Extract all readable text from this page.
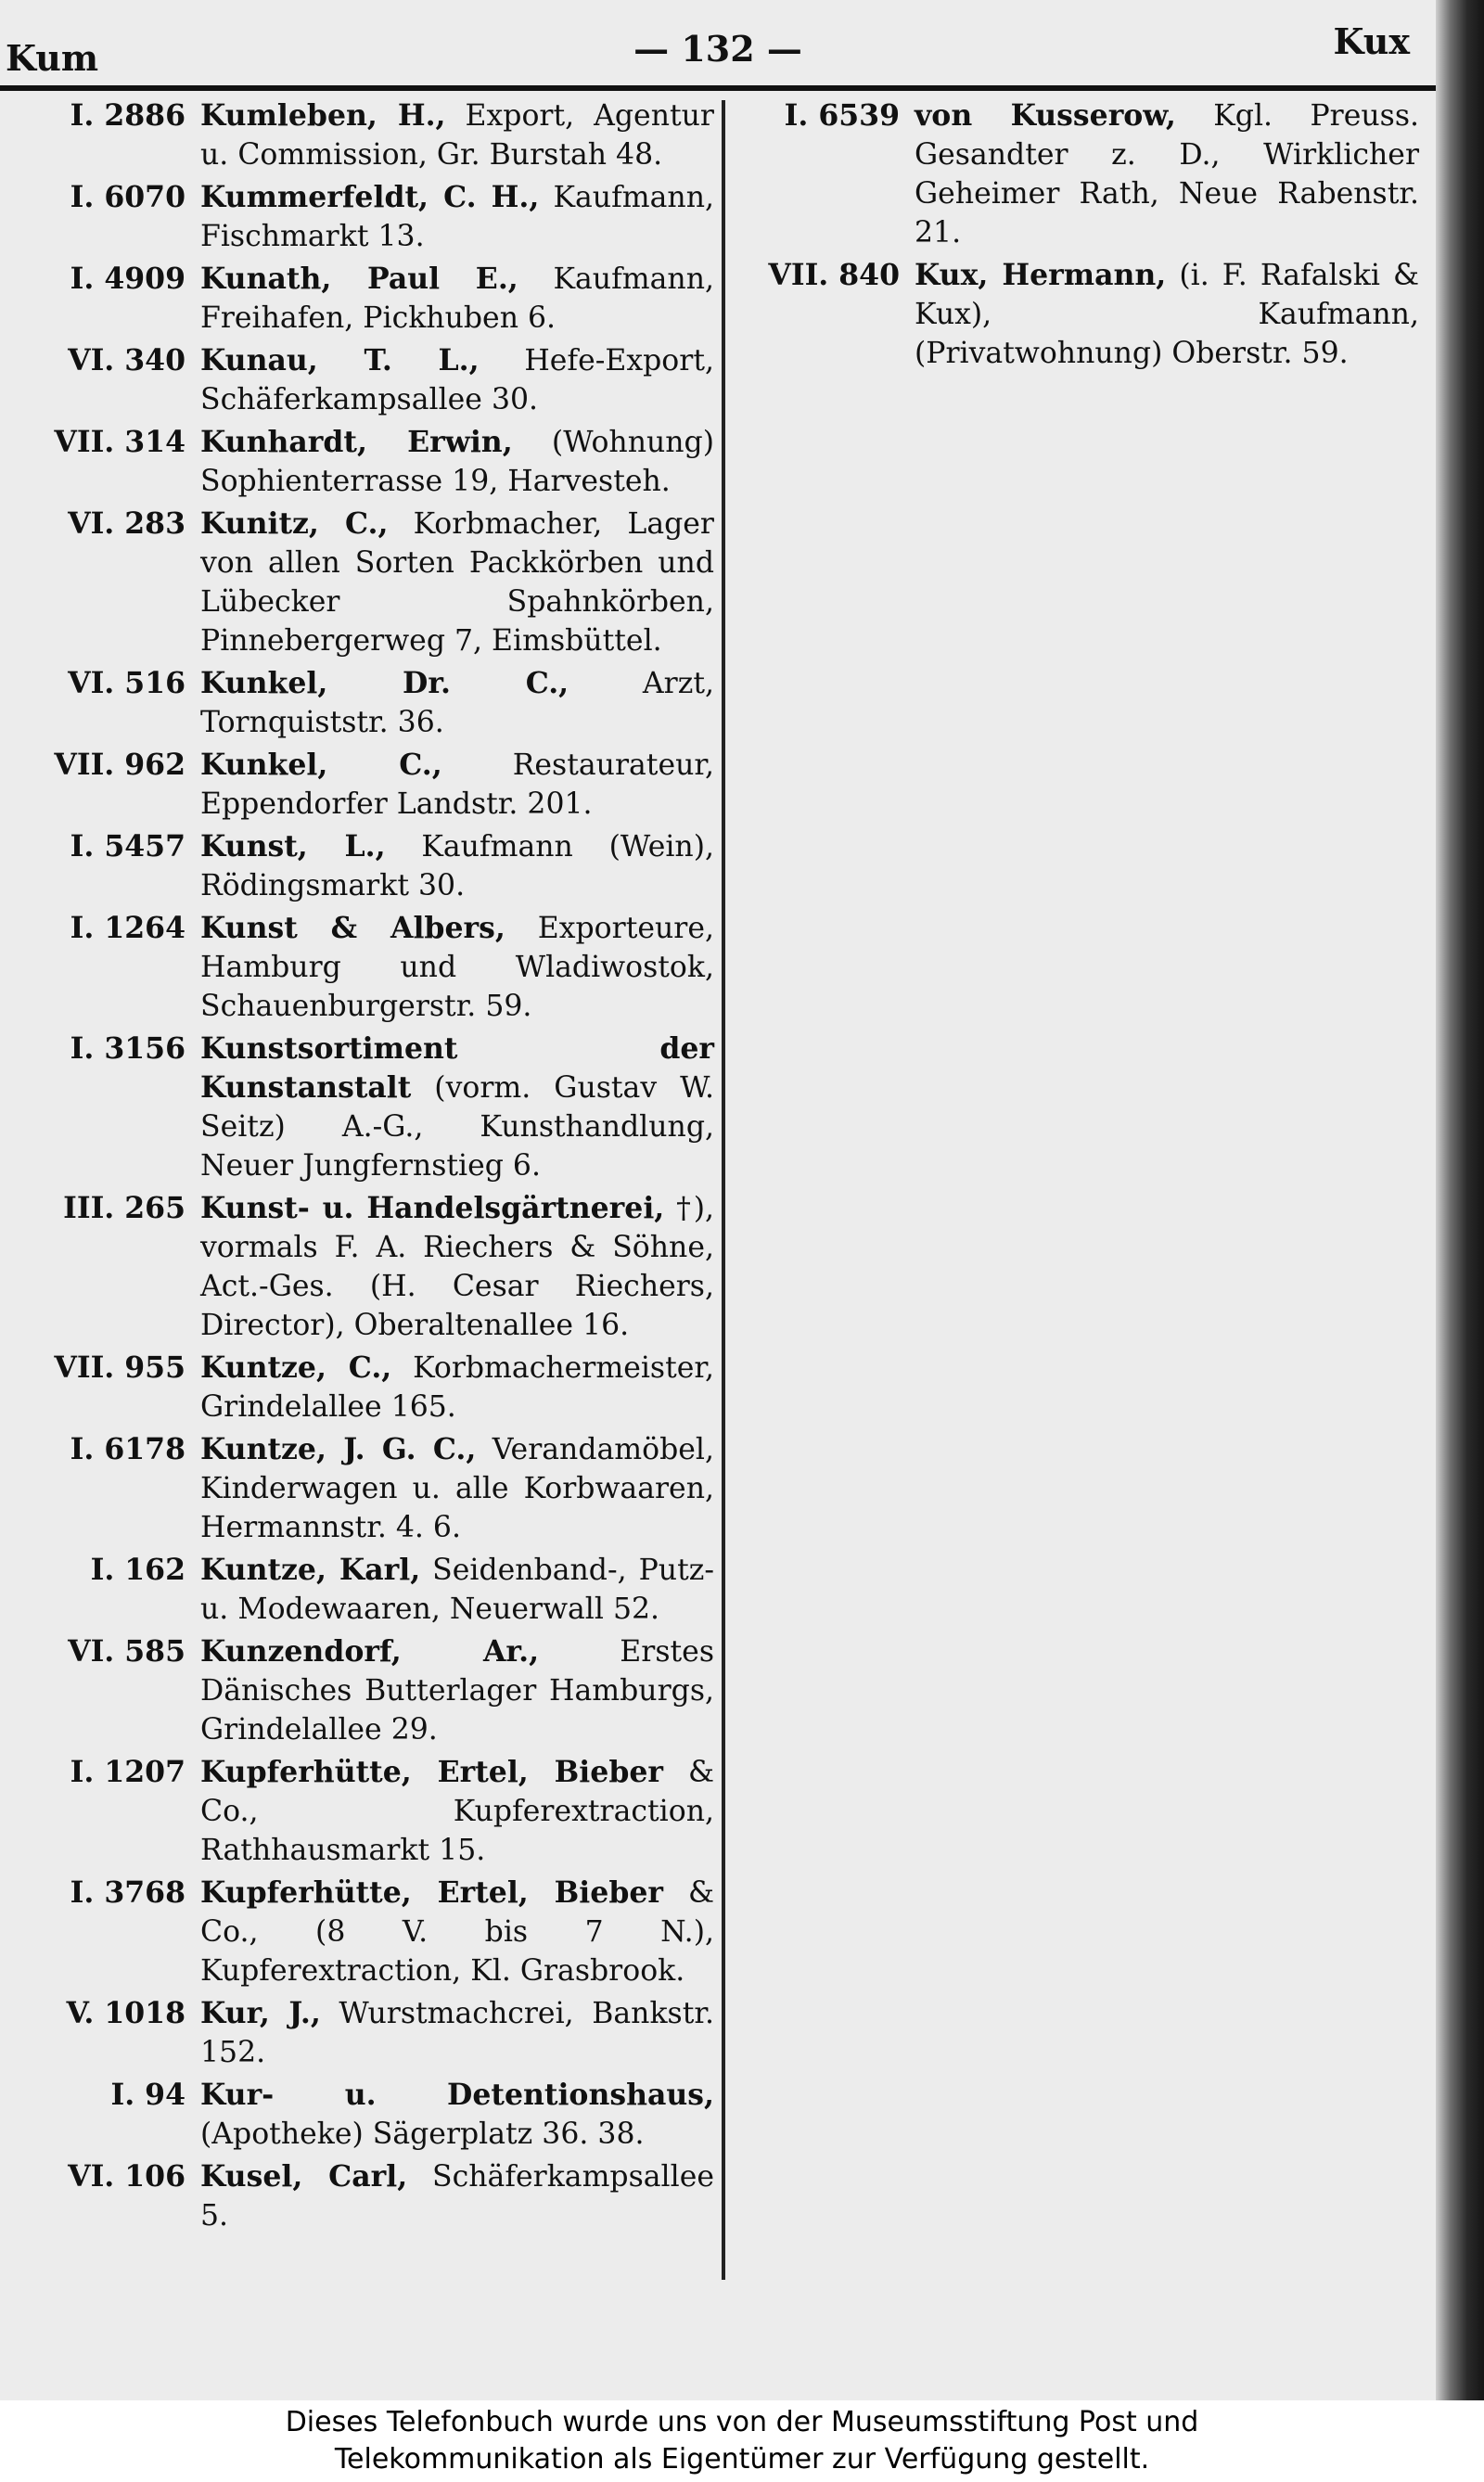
Kum	— 132 —	Kux
I. 2886 Kumleben, H., Export, Agentur u. Commission, Gr. Burstah 48.
I. 6070 Kummerfeldt, C. H., Kaufmann, Fischmarkt 13.
I. 4909 Kunath, Paul E., Kaufmann, Freihafen, Pickhuben 6.
VI. 340 Kunau, T. L., Hefe-Export, Schäferkampsallee 30.
VII. 314 Kunhardt, Erwin, (Wohnung) Sophienterrasse 19, Harvesteh.
VI. 283 Kunitz, C., Korbmacher, Lager von allen Sorten Packkörben und Lübecker Spahnkörben, Pinnebergerweg 7, Eimsbüttel.
VI. 516 Kunkel, Dr. C., Arzt, Tornquiststr. 36.
VII. 962 Kunkel, C., Restaurateur, Eppendorfer Landstr. 201.
I. 5457 Kunst, L., Kaufmann (Wein), Rödingsmarkt 30.
I. 1264 Kunst & Albers, Exporteure, Hamburg und Wladiwostok, Schauenburgerstr. 59.
I. 3156 Kunstsortiment der Kunstanstalt (vorm. Gustav W. Seitz) A.-G., Kunsthandlung, Neuer Jungfernstieg 6.
III. 265 Kunst- u. Handelsgärtnerei, †), vormals F. A. Riechers & Söhne, Act.-Ges. (H. Cesar Riechers, Director), Oberaltenallee 16.
VII. 955 Kuntze, C., Korbmachermeister, Grindelallee 165.
I. 6178 Kuntze, J. G. C., Verandamöbel, Kinderwagen u. alle Korbwaaren, Hermannstr. 4. 6.
I. 162 Kuntze, Karl, Seidenband-, Putz- u. Modewaaren, Neuerwall 52.
VI. 585 Kunzendorf, Ar., Erstes Dänisches Butterlager Hamburgs, Grindelallee 29.
I. 1207 Kupferhütte, Ertel, Bieber & Co., Kupferextraction, Rathhausmarkt 15.
I. 3768 Kupferhütte, Ertel, Bieber & Co., (8 V. bis 7 N.), Kupferextraction, Kl. Grasbrook.
V. 1018 Kur, J., Wurstmachcrei, Bankstr. 152.
I. 94 Kur- u. Detentionshaus, (Apotheke) Sägerplatz 36. 38.
VI. 106 Kusel, Carl, Schäferkampsallee 5.
I. 6539 von Kusserow, Kgl. Preuss. Gesandter z. D., Wirklicher Geheimer Rath, Neue Rabenstr. 21.
VII. 840 Kux, Hermann, (i. F. Rafalski & Kux), Kaufmann, (Privatwohnung) Oberstr. 59.
Dieses Telefonbuch wurde uns von der Museumsstiftung Post und
Telekommunikation als Eigentümer zur Verfügung gestellt.
